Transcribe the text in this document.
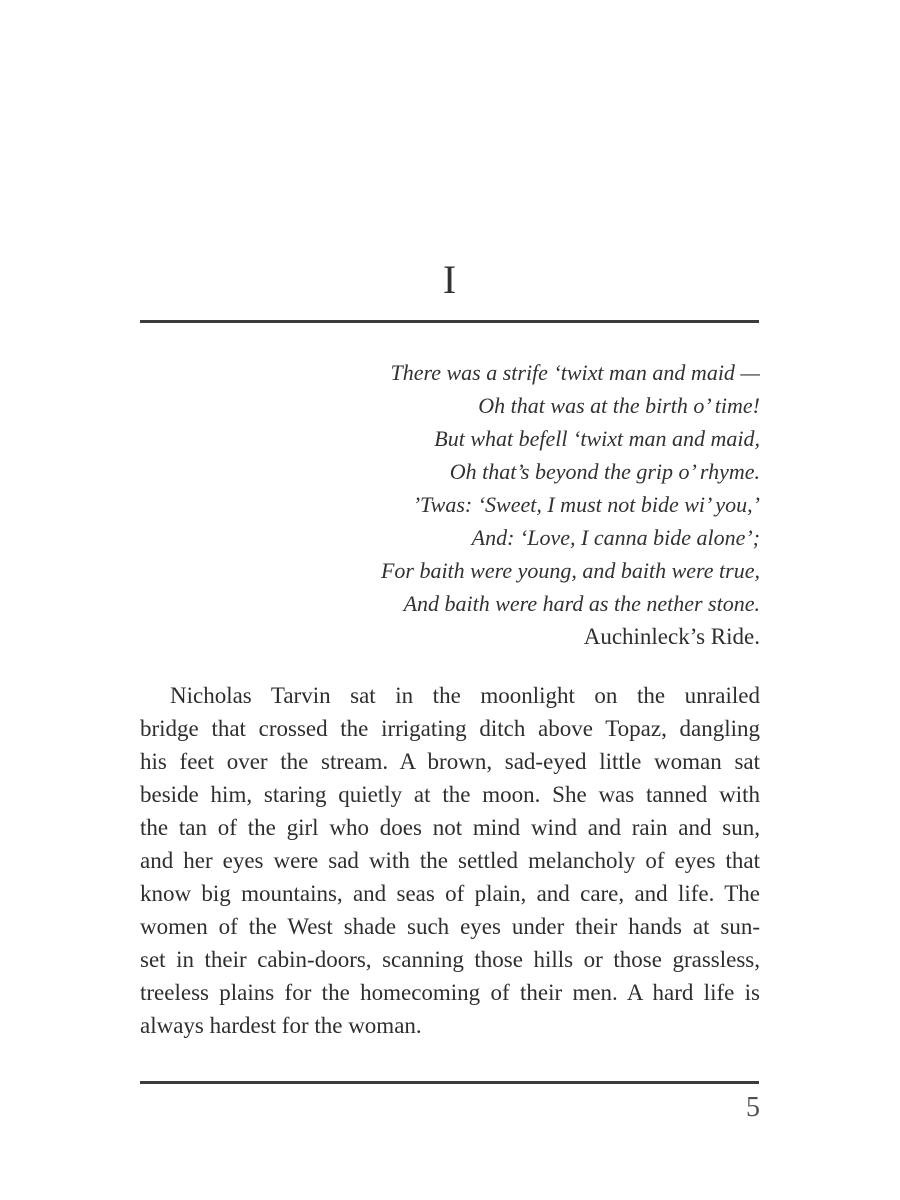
I
There was a strife ‘twixt man and maid —
Oh that was at the birth o’ time!
But what befell ‘twixt man and maid,
Oh that’s beyond the grip o’ rhyme.
’Twas: ‘Sweet, I must not bide wi’ you,’
And: ‘Love, I canna bide alone’;
For baith were young, and baith were true,
And baith were hard as the nether stone.
Auchinleck’s Ride.
Nicholas Tarvin sat in the moonlight on the unrailed
bridge that crossed the irrigating ditch above Topaz, dangling
his feet over the stream. A brown, sad-eyed little woman sat
beside him, staring quietly at the moon. She was tanned with
the tan of the girl who does not mind wind and rain and sun,
and her eyes were sad with the settled melancholy of eyes that
know big mountains, and seas of plain, and care, and life. The
women of the West shade such eyes under their hands at sun-
set in their cabin-doors, scanning those hills or those grassless,
treeless plains for the homecoming of their men. A hard life is
always hardest for the woman.
5
